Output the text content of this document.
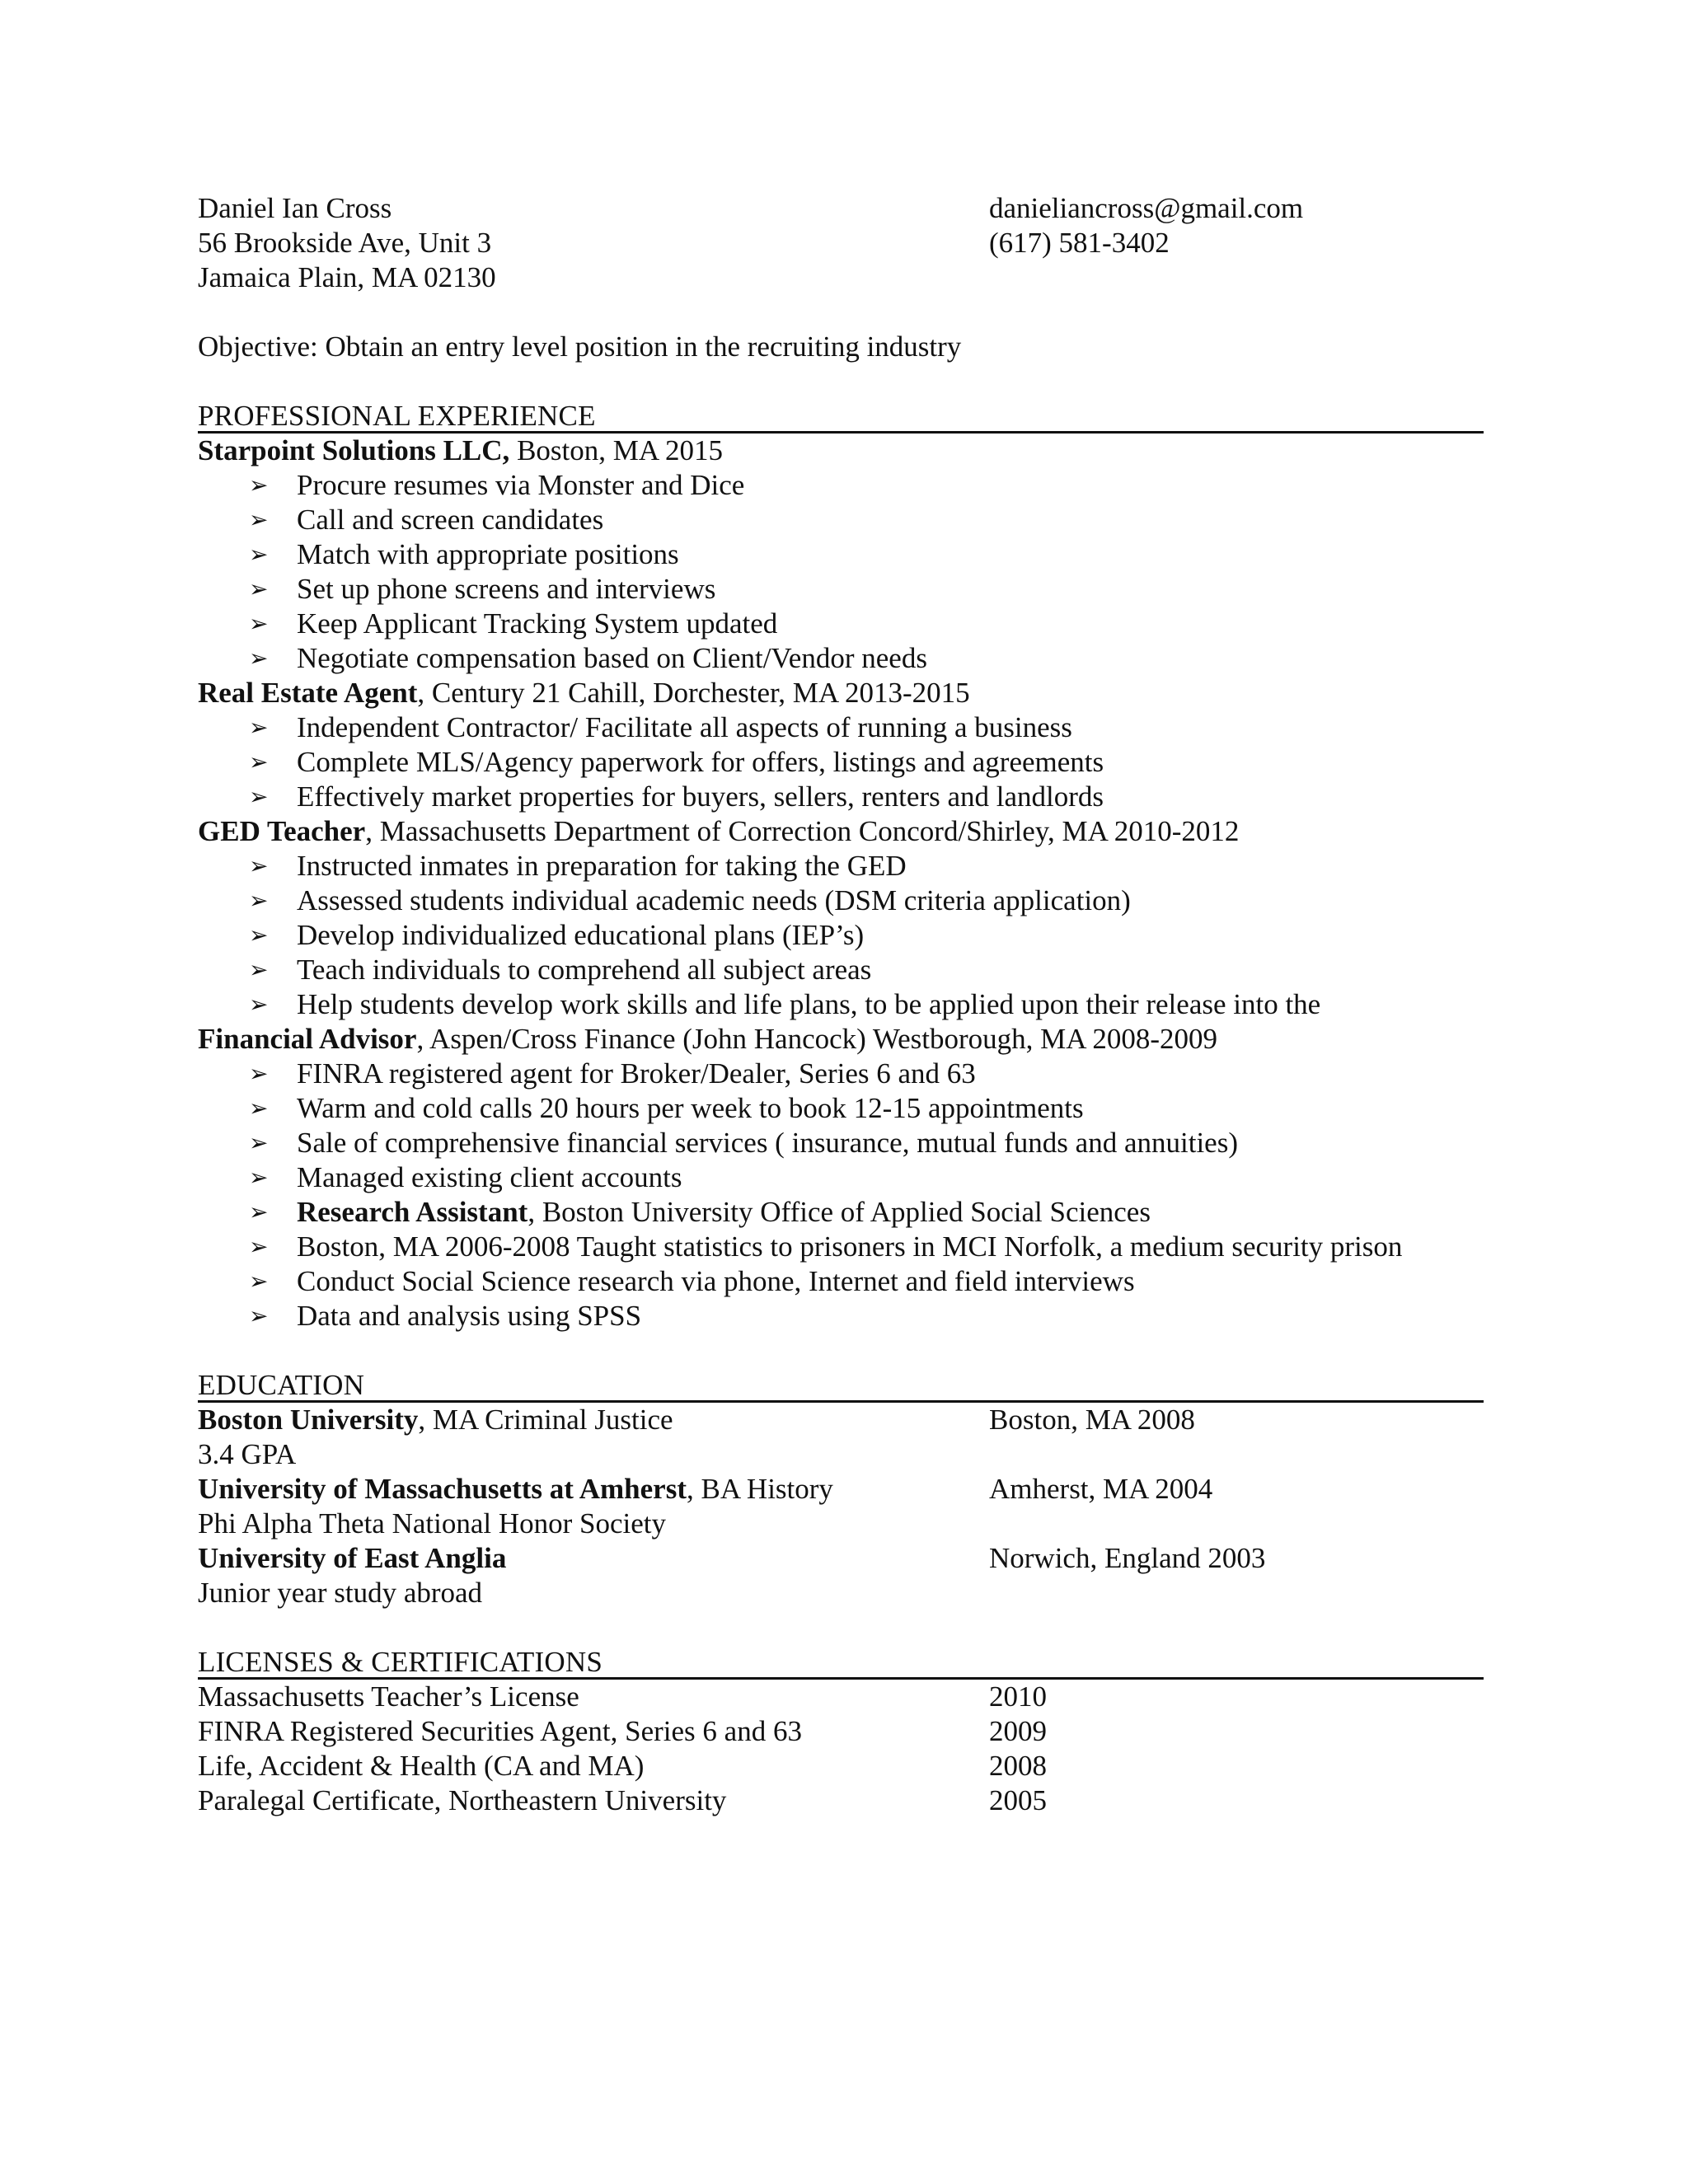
Daniel Ian Cross	danieliancross@gmail.com
56 Brookside Ave, Unit 3	(617) 581-3402
Jamaica Plain, MA 02130
Objective: Obtain an entry level position in the recruiting industry
PROFESSIONAL EXPERIENCE
Starpoint Solutions LLC, Boston, MA 2015
➢ Procure resumes via Monster and Dice
➢ Call and screen candidates
➢ Match with appropriate positions
➢ Set up phone screens and interviews
➢ Keep Applicant Tracking System updated
➢ Negotiate compensation based on Client/Vendor needs
Real Estate Agent, Century 21 Cahill, Dorchester, MA 2013-2015
➢ Independent Contractor/ Facilitate all aspects of running a business
➢ Complete MLS/Agency paperwork for offers, listings and agreements
➢ Effectively market properties for buyers, sellers, renters and landlords
GED Teacher, Massachusetts Department of Correction Concord/Shirley, MA 2010-2012
➢ Instructed inmates in preparation for taking the GED
➢ Assessed students individual academic needs (DSM criteria application)
➢ Develop individualized educational plans (IEP’s)
➢ Teach individuals to comprehend all subject areas
➢ Help students develop work skills and life plans, to be applied upon their release into the
Financial Advisor, Aspen/Cross Finance (John Hancock) Westborough, MA 2008-2009
➢ FINRA registered agent for Broker/Dealer, Series 6 and 63
➢ Warm and cold calls 20 hours per week to book 12-15 appointments
➢ Sale of comprehensive financial services ( insurance, mutual funds and annuities)
➢ Managed existing client accounts
➢ Research Assistant, Boston University Office of Applied Social Sciences
➢ Boston, MA 2006-2008 Taught statistics to prisoners in MCI Norfolk, a medium security prison
➢ Conduct Social Science research via phone, Internet and field interviews
➢ Data and analysis using SPSS
EDUCATION
Boston University, MA Criminal Justice	Boston, MA 2008
3.4 GPA
University of Massachusetts at Amherst, BA History	Amherst, MA 2004
Phi Alpha Theta National Honor Society
University of East Anglia	Norwich, England 2003
Junior year study abroad
LICENSES & CERTIFICATIONS
Massachusetts Teacher’s License	2010
FINRA Registered Securities Agent, Series 6 and 63	2009
Life, Accident & Health (CA and MA)	2008
Paralegal Certificate, Northeastern University	2005
